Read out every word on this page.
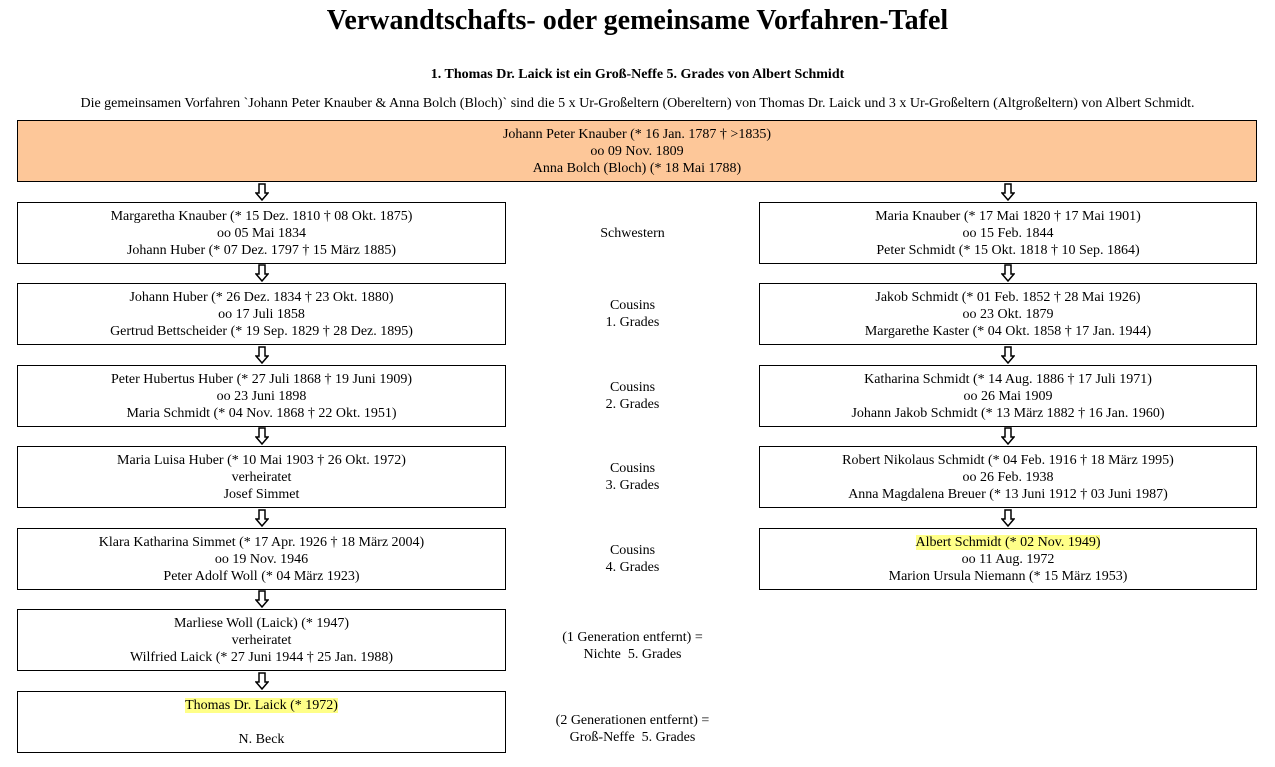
Verwandtschafts- oder gemeinsame Vorfahren-Tafel
1. Thomas Dr. Laick ist ein Groß-Neffe 5. Grades von Albert Schmidt
Die gemeinsamen Vorfahren `Johann Peter Knauber & Anna Bolch (Bloch)` sind die 5 x Ur-Großeltern (Obereltern) von Thomas Dr. Laick und 3 x Ur-Großeltern (Altgroßeltern) von Albert Schmidt.
Johann Peter Knauber (* 16 Jan. 1787 † >1835)
oo 09 Nov. 1809
Anna Bolch (Bloch) (* 18 Mai 1788)
Margaretha Knauber (* 15 Dez. 1810 † 08 Okt. 1875)
oo 05 Mai 1834
Johann Huber (* 07 Dez. 1797 † 15 März 1885)
Johann Huber (* 26 Dez. 1834 † 23 Okt. 1880)
oo 17 Juli 1858
Gertrud Bettscheider (* 19 Sep. 1829 † 28 Dez. 1895)
Peter Hubertus Huber (* 27 Juli 1868 † 19 Juni 1909)
oo 23 Juni 1898
Maria Schmidt (* 04 Nov. 1868 † 22 Okt. 1951)
Maria Luisa Huber (* 10 Mai 1903 † 26 Okt. 1972)
verheiratet
Josef Simmet
Klara Katharina Simmet (* 17 Apr. 1926 † 18 März 2004)
oo 19 Nov. 1946
Peter Adolf Woll (* 04 März 1923)
Marliese Woll (Laick) (* 1947)
verheiratet
Wilfried Laick (* 27 Juni 1944 † 25 Jan. 1988)
Thomas Dr. Laick (* 1972)
N. Beck
Maria Knauber (* 17 Mai 1820 † 17 Mai 1901)
oo 15 Feb. 1844
Peter Schmidt (* 15 Okt. 1818 † 10 Sep. 1864)
Jakob Schmidt (* 01 Feb. 1852 † 28 Mai 1926)
oo 23 Okt. 1879
Margarethe Kaster (* 04 Okt. 1858 † 17 Jan. 1944)
Katharina Schmidt (* 14 Aug. 1886 † 17 Juli 1971)
oo 26 Mai 1909
Johann Jakob Schmidt (* 13 März 1882 † 16 Jan. 1960)
Robert Nikolaus Schmidt (* 04 Feb. 1916 † 18 März 1995)
oo 26 Feb. 1938
Anna Magdalena Breuer (* 13 Juni 1912 † 03 Juni 1987)
Albert Schmidt (* 02 Nov. 1949)
oo 11 Aug. 1972
Marion Ursula Niemann (* 15 März 1953)
Schwestern
Cousins
1. Grades
Cousins
2. Grades
Cousins
3. Grades
Cousins
4. Grades
(1 Generation entfernt) =
Nichte  5. Grades
(2 Generationen entfernt) =
Groß-Neffe  5. Grades
